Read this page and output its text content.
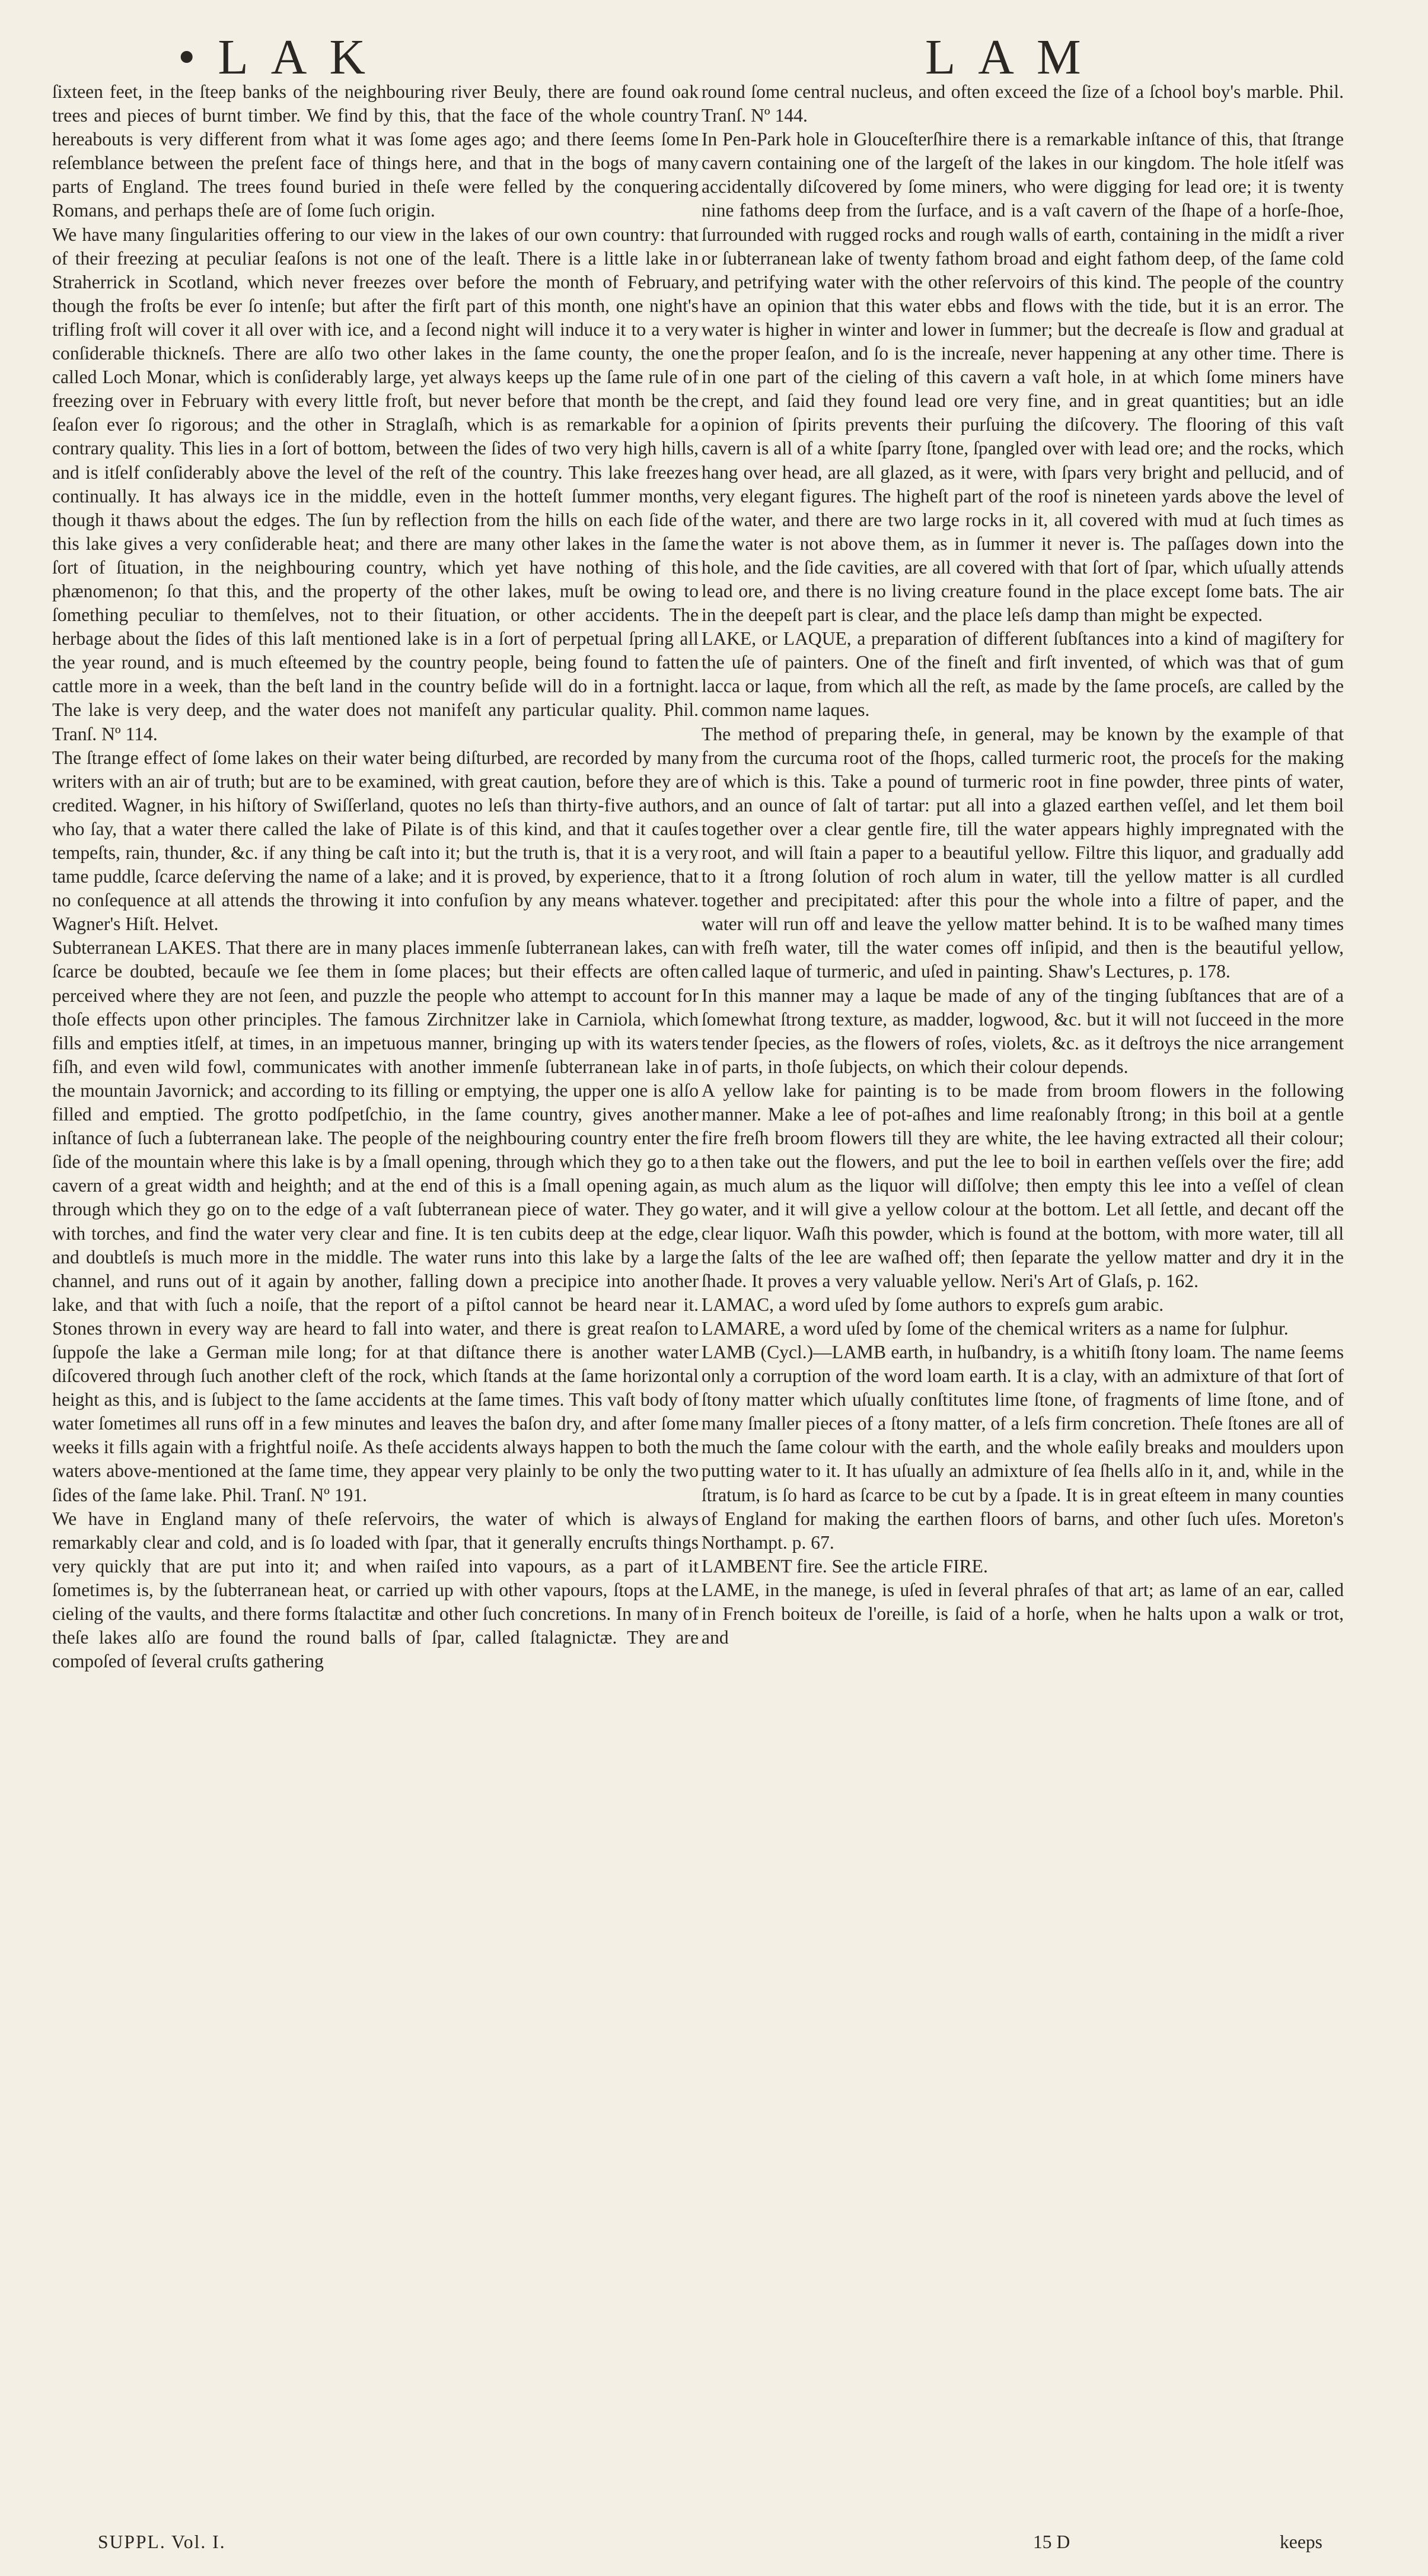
•LAK	LAM

ſixteen feet, in the ſteep banks of the neighbouring river Beuly, there are found oak trees and pieces of burnt timber. We find by this, that the face of the whole country hereabouts is very different from what it was ſome ages ago; and there ſeems ſome reſemblance between the preſent face of things here, and that in the bogs of many parts of England. The trees found buried in theſe were felled by the conquering Romans, and perhaps theſe are of ſome ſuch origin.

We have many ſingularities offering to our view in the lakes of our own country: that of their freezing at peculiar ſeaſons is not one of the leaſt. There is a little lake in Straherrick in Scotland, which never freezes over before the month of February, though the froſts be ever ſo intenſe; but after the firſt part of this month, one night's trifling froſt will cover it all over with ice, and a ſecond night will induce it to a very conſiderable thickneſs. There are alſo two other lakes in the ſame county, the one called Loch Monar, which is conſiderably large, yet always keeps up the ſame rule of freezing over in February with every little froſt, but never before that month be the ſeaſon ever ſo rigorous; and the other in Straglaſh, which is as remarkable for a contrary quality. This lies in a ſort of bottom, between the ſides of two very high hills, and is itſelf conſiderably above the level of the reſt of the country. This lake freezes continually. It has always ice in the middle, even in the hotteſt ſummer months, though it thaws about the edges. The ſun by reflection from the hills on each ſide of this lake gives a very conſiderable heat; and there are many other lakes in the ſame ſort of ſituation, in the neighbouring country, which yet have nothing of this phænomenon; ſo that this, and the property of the other lakes, muſt be owing to ſomething peculiar to themſelves, not to their ſituation, or other accidents. The herbage about the ſides of this laſt mentioned lake is in a ſort of perpetual ſpring all the year round, and is much eſteemed by the country people, being found to fatten cattle more in a week, than the beſt land in the country beſide will do in a fortnight. The lake is very deep, and the water does not manifeſt any particular quality. Phil. Tranſ. Nº 114.

The ſtrange effect of ſome lakes on their water being diſturbed, are recorded by many writers with an air of truth; but are to be examined, with great caution, before they are credited. Wagner, in his hiſtory of Swiſſerland, quotes no leſs than thirty-five authors, who ſay, that a water there called the lake of Pilate is of this kind, and that it cauſes tempeſts, rain, thunder, &c. if any thing be caſt into it; but the truth is, that it is a very tame puddle, ſcarce deſerving the name of a lake; and it is proved, by experience, that no conſequence at all attends the throwing it into confuſion by any means whatever. Wagner's Hiſt. Helvet.

Subterranean LAKES. That there are in many places immenſe ſubterranean lakes, can ſcarce be doubted, becauſe we ſee them in ſome places; but their effects are often perceived where they are not ſeen, and puzzle the people who attempt to account for thoſe effects upon other principles. The famous Zirchnitzer lake in Carniola, which fills and empties itſelf, at times, in an impetuous manner, bringing up with its waters fiſh, and even wild fowl, communicates with another immenſe ſubterranean lake in the mountain Javornick; and according to its filling or emptying, the upper one is alſo filled and emptied. The grotto podſpetſchio, in the ſame country, gives another inſtance of ſuch a ſubterranean lake. The people of the neighbouring country enter the ſide of the mountain where this lake is by a ſmall opening, through which they go to a cavern of a great width and heighth; and at the end of this is a ſmall opening again, through which they go on to the edge of a vaſt ſubterranean piece of water. They go with torches, and find the water very clear and fine. It is ten cubits deep at the edge, and doubtleſs is much more in the middle. The water runs into this lake by a large channel, and runs out of it again by another, falling down a precipice into another lake, and that with ſuch a noiſe, that the report of a piſtol cannot be heard near it. Stones thrown in every way are heard to fall into water, and there is great reaſon to ſuppoſe the lake a German mile long; for at that diſtance there is another water diſcovered through ſuch another cleft of the rock, which ſtands at the ſame horizontal height as this, and is ſubject to the ſame accidents at the ſame times. This vaſt body of water ſometimes all runs off in a few minutes and leaves the baſon dry, and after ſome weeks it fills again with a frightful noiſe. As theſe accidents always happen to both the waters above-mentioned at the ſame time, they appear very plainly to be only the two ſides of the ſame lake. Phil. Tranſ. Nº 191.

We have in England many of theſe reſervoirs, the water of which is always remarkably clear and cold, and is ſo loaded with ſpar, that it generally encruſts things very quickly that are put into it; and when raiſed into vapours, as a part of it ſometimes is, by the ſubterranean heat, or carried up with other vapours, ſtops at the cieling of the vaults, and there forms ſtalactitæ and other ſuch concretions. In many of theſe lakes alſo are found the round balls of ſpar, called ſtalagnictæ. They are compoſed of ſeveral cruſts gathering

round ſome central nucleus, and often exceed the ſize of a ſchool boy's marble. Phil. Tranſ. Nº 144.

In Pen-Park hole in Glouceſterſhire there is a remarkable inſtance of this, that ſtrange cavern containing one of the largeſt of the lakes in our kingdom. The hole itſelf was accidentally diſcovered by ſome miners, who were digging for lead ore; it is twenty nine fathoms deep from the ſurface, and is a vaſt cavern of the ſhape of a horſe-ſhoe, ſurrounded with rugged rocks and rough walls of earth, containing in the midſt a river or ſubterranean lake of twenty fathom broad and eight fathom deep, of the ſame cold and petrifying water with the other reſervoirs of this kind. The people of the country have an opinion that this water ebbs and flows with the tide, but it is an error. The water is higher in winter and lower in ſummer; but the decreaſe is ſlow and gradual at the proper ſeaſon, and ſo is the increaſe, never happening at any other time. There is in one part of the cieling of this cavern a vaſt hole, in at which ſome miners have crept, and ſaid they found lead ore very fine, and in great quantities; but an idle opinion of ſpirits prevents their purſuing the diſcovery. The flooring of this vaſt cavern is all of a white ſparry ſtone, ſpangled over with lead ore; and the rocks, which hang over head, are all glazed, as it were, with ſpars very bright and pellucid, and of very elegant figures. The higheſt part of the roof is nineteen yards above the level of the water, and there are two large rocks in it, all covered with mud at ſuch times as the water is not above them, as in ſummer it never is. The paſſages down into the hole, and the ſide cavities, are all covered with that ſort of ſpar, which uſually attends lead ore, and there is no living creature found in the place except ſome bats. The air in the deepeſt part is clear, and the place leſs damp than might be expected.

LAKE, or LAQUE, a preparation of different ſubſtances into a kind of magiſtery for the uſe of painters. One of the fineſt and firſt invented, of which was that of gum lacca or laque, from which all the reſt, as made by the ſame proceſs, are called by the common name laques.

The method of preparing theſe, in general, may be known by the example of that from the curcuma root of the ſhops, called turmeric root, the proceſs for the making of which is this. Take a pound of turmeric root in fine powder, three pints of water, and an ounce of ſalt of tartar: put all into a glazed earthen veſſel, and let them boil together over a clear gentle fire, till the water appears highly impregnated with the root, and will ſtain a paper to a beautiful yellow. Filtre this liquor, and gradually add to it a ſtrong ſolution of roch alum in water, till the yellow matter is all curdled together and precipitated: after this pour the whole into a filtre of paper, and the water will run off and leave the yellow matter behind. It is to be waſhed many times with freſh water, till the water comes off inſipid, and then is the beautiful yellow, called laque of turmeric, and uſed in painting. Shaw's Lectures, p. 178.

In this manner may a laque be made of any of the tinging ſubſtances that are of a ſomewhat ſtrong texture, as madder, logwood, &c. but it will not ſucceed in the more tender ſpecies, as the flowers of roſes, violets, &c. as it deſtroys the nice arrangement of parts, in thoſe ſubjects, on which their colour depends.

A yellow lake for painting is to be made from broom flowers in the following manner. Make a lee of pot-aſhes and lime reaſonably ſtrong; in this boil at a gentle fire freſh broom flowers till they are white, the lee having extracted all their colour; then take out the flowers, and put the lee to boil in earthen veſſels over the fire; add as much alum as the liquor will diſſolve; then empty this lee into a veſſel of clean water, and it will give a yellow colour at the bottom. Let all ſettle, and decant off the clear liquor. Waſh this powder, which is found at the bottom, with more water, till all the ſalts of the lee are waſhed off; then ſeparate the yellow matter and dry it in the ſhade. It proves a very valuable yellow. Neri's Art of Glaſs, p. 162.

LAMAC, a word uſed by ſome authors to expreſs gum arabic.

LAMARE, a word uſed by ſome of the chemical writers as a name for ſulphur.

LAMB (Cycl.)—LAMB earth, in huſbandry, is a whitiſh ſtony loam. The name ſeems only a corruption of the word loam earth. It is a clay, with an admixture of that ſort of ſtony matter which uſually conſtitutes lime ſtone, of fragments of lime ſtone, and of many ſmaller pieces of a ſtony matter, of a leſs firm concretion. Theſe ſtones are all of much the ſame colour with the earth, and the whole eaſily breaks and moulders upon putting water to it. It has uſually an admixture of ſea ſhells alſo in it, and, while in the ſtratum, is ſo hard as ſcarce to be cut by a ſpade. It is in great eſteem in many counties of England for making the earthen floors of barns, and other ſuch uſes. Moreton's Northampt. p. 67.

LAMBENT fire. See the article FIRE.

LAME, in the manege, is uſed in ſeveral phraſes of that art; as lame of an ear, called in French boiteux de l'oreille, is ſaid of a horſe, when he halts upon a walk or trot, and

SUPPL. Vol. I.	15 D	keeps
